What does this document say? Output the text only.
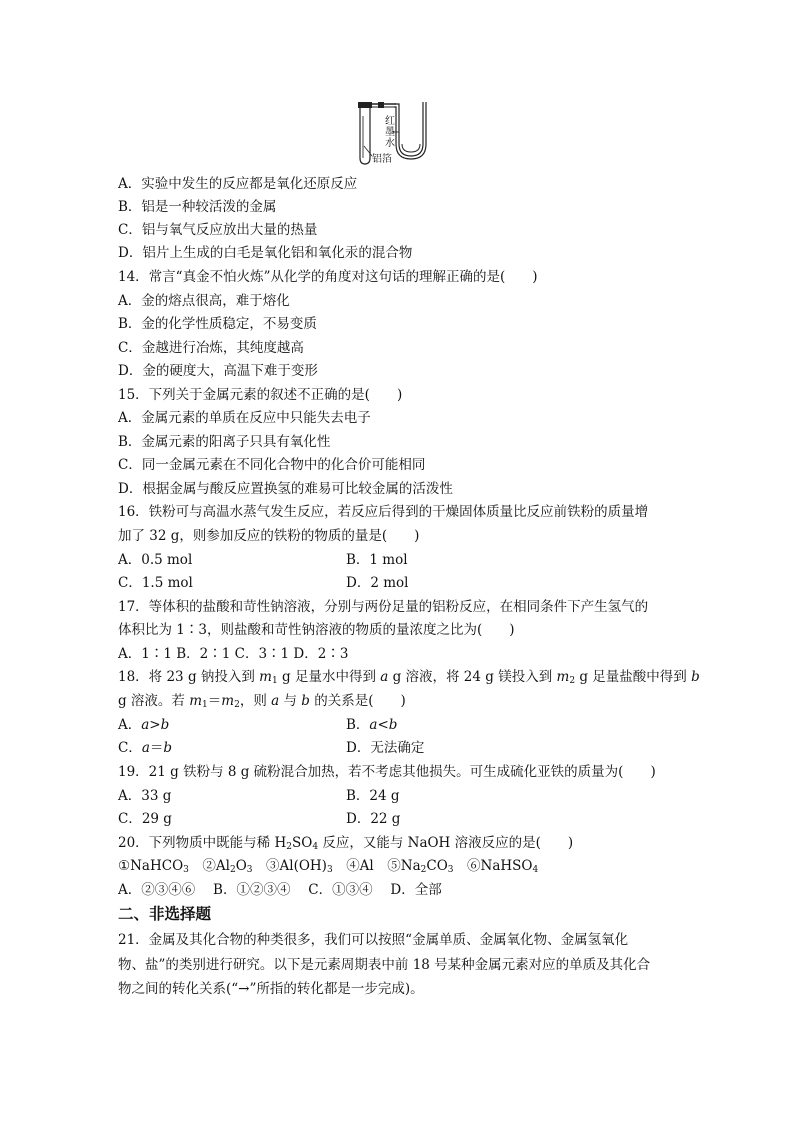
红
墨
水
铝箔
A．实验中发生的反应都是氧化还原反应
B．铝是一种较活泼的金属
C．铝与氧气反应放出大量的热量
D．铝片上生成的白毛是氧化铝和氧化汞的混合物
14．常言“真金不怕火炼”从化学的角度对这句话的理解正确的是(　　)
A．金的熔点很高，难于熔化
B．金的化学性质稳定，不易变质
C．金越进行冶炼，其纯度越高
D．金的硬度大，高温下难于变形
15．下列关于金属元素的叙述不正确的是(　　)
A．金属元素的单质在反应中只能失去电子
B．金属元素的阳离子只具有氧化性
C．同一金属元素在不同化合物中的化合价可能相同
D．根据金属与酸反应置换氢的难易可比较金属的活泼性
16．铁粉可与高温水蒸气发生反应，若反应后得到的干燥固体质量比反应前铁粉的质量增
加了 32 g，则参加反应的铁粉的物质的量是(　　)
A．0.5 mol	B．1 mol
C．1.5 mol	D．2 mol
17．等体积的盐酸和苛性钠溶液，分别与两份足量的铝粉反应，在相同条件下产生氢气的
体积比为 1∶3，则盐酸和苛性钠溶液的物质的量浓度之比为(　　)
A．1∶1 B．2∶1 C．3∶1 D．2∶3
18．将 23 g 钠投入到 $m_1$ g 足量水中得到 a g 溶液，将 24 g 镁投入到 $m_2$ g 足量盐酸中得到 b
g 溶液。若 $m_1=m_2$，则 a 与 b 的关系是(　　)
A．a>b	B．a<b
C．a＝b	D．无法确定
19．21 g 铁粉与 8 g 硫粉混合加热，若不考虑其他损失。可生成硫化亚铁的质量为(　　)
A．33 g	B．24 g
C．29 g	D．22 g
20．下列物质中既能与稀 $H_2SO_4$ 反应，又能与 NaOH 溶液反应的是(　　)
①NaHCO$_3$　 $②Al_2O_3$　 $③Al(OH)_3$　 ④Al　 $⑤Na_2CO_3$　 ⑥NaHSO$_4$
A．②③④⑥　 B．①②③④　 C．①③④　 D．全部
二、非选择题
21．金属及其化合物的种类很多，我们可以按照“金属单质、金属氧化物、金属氢氧化
物、盐”的类别进行研究。以下是元素周期表中前 18 号某种金属元素对应的单质及其化合
物之间的转化关系(“→”所指的转化都是一步完成)。
